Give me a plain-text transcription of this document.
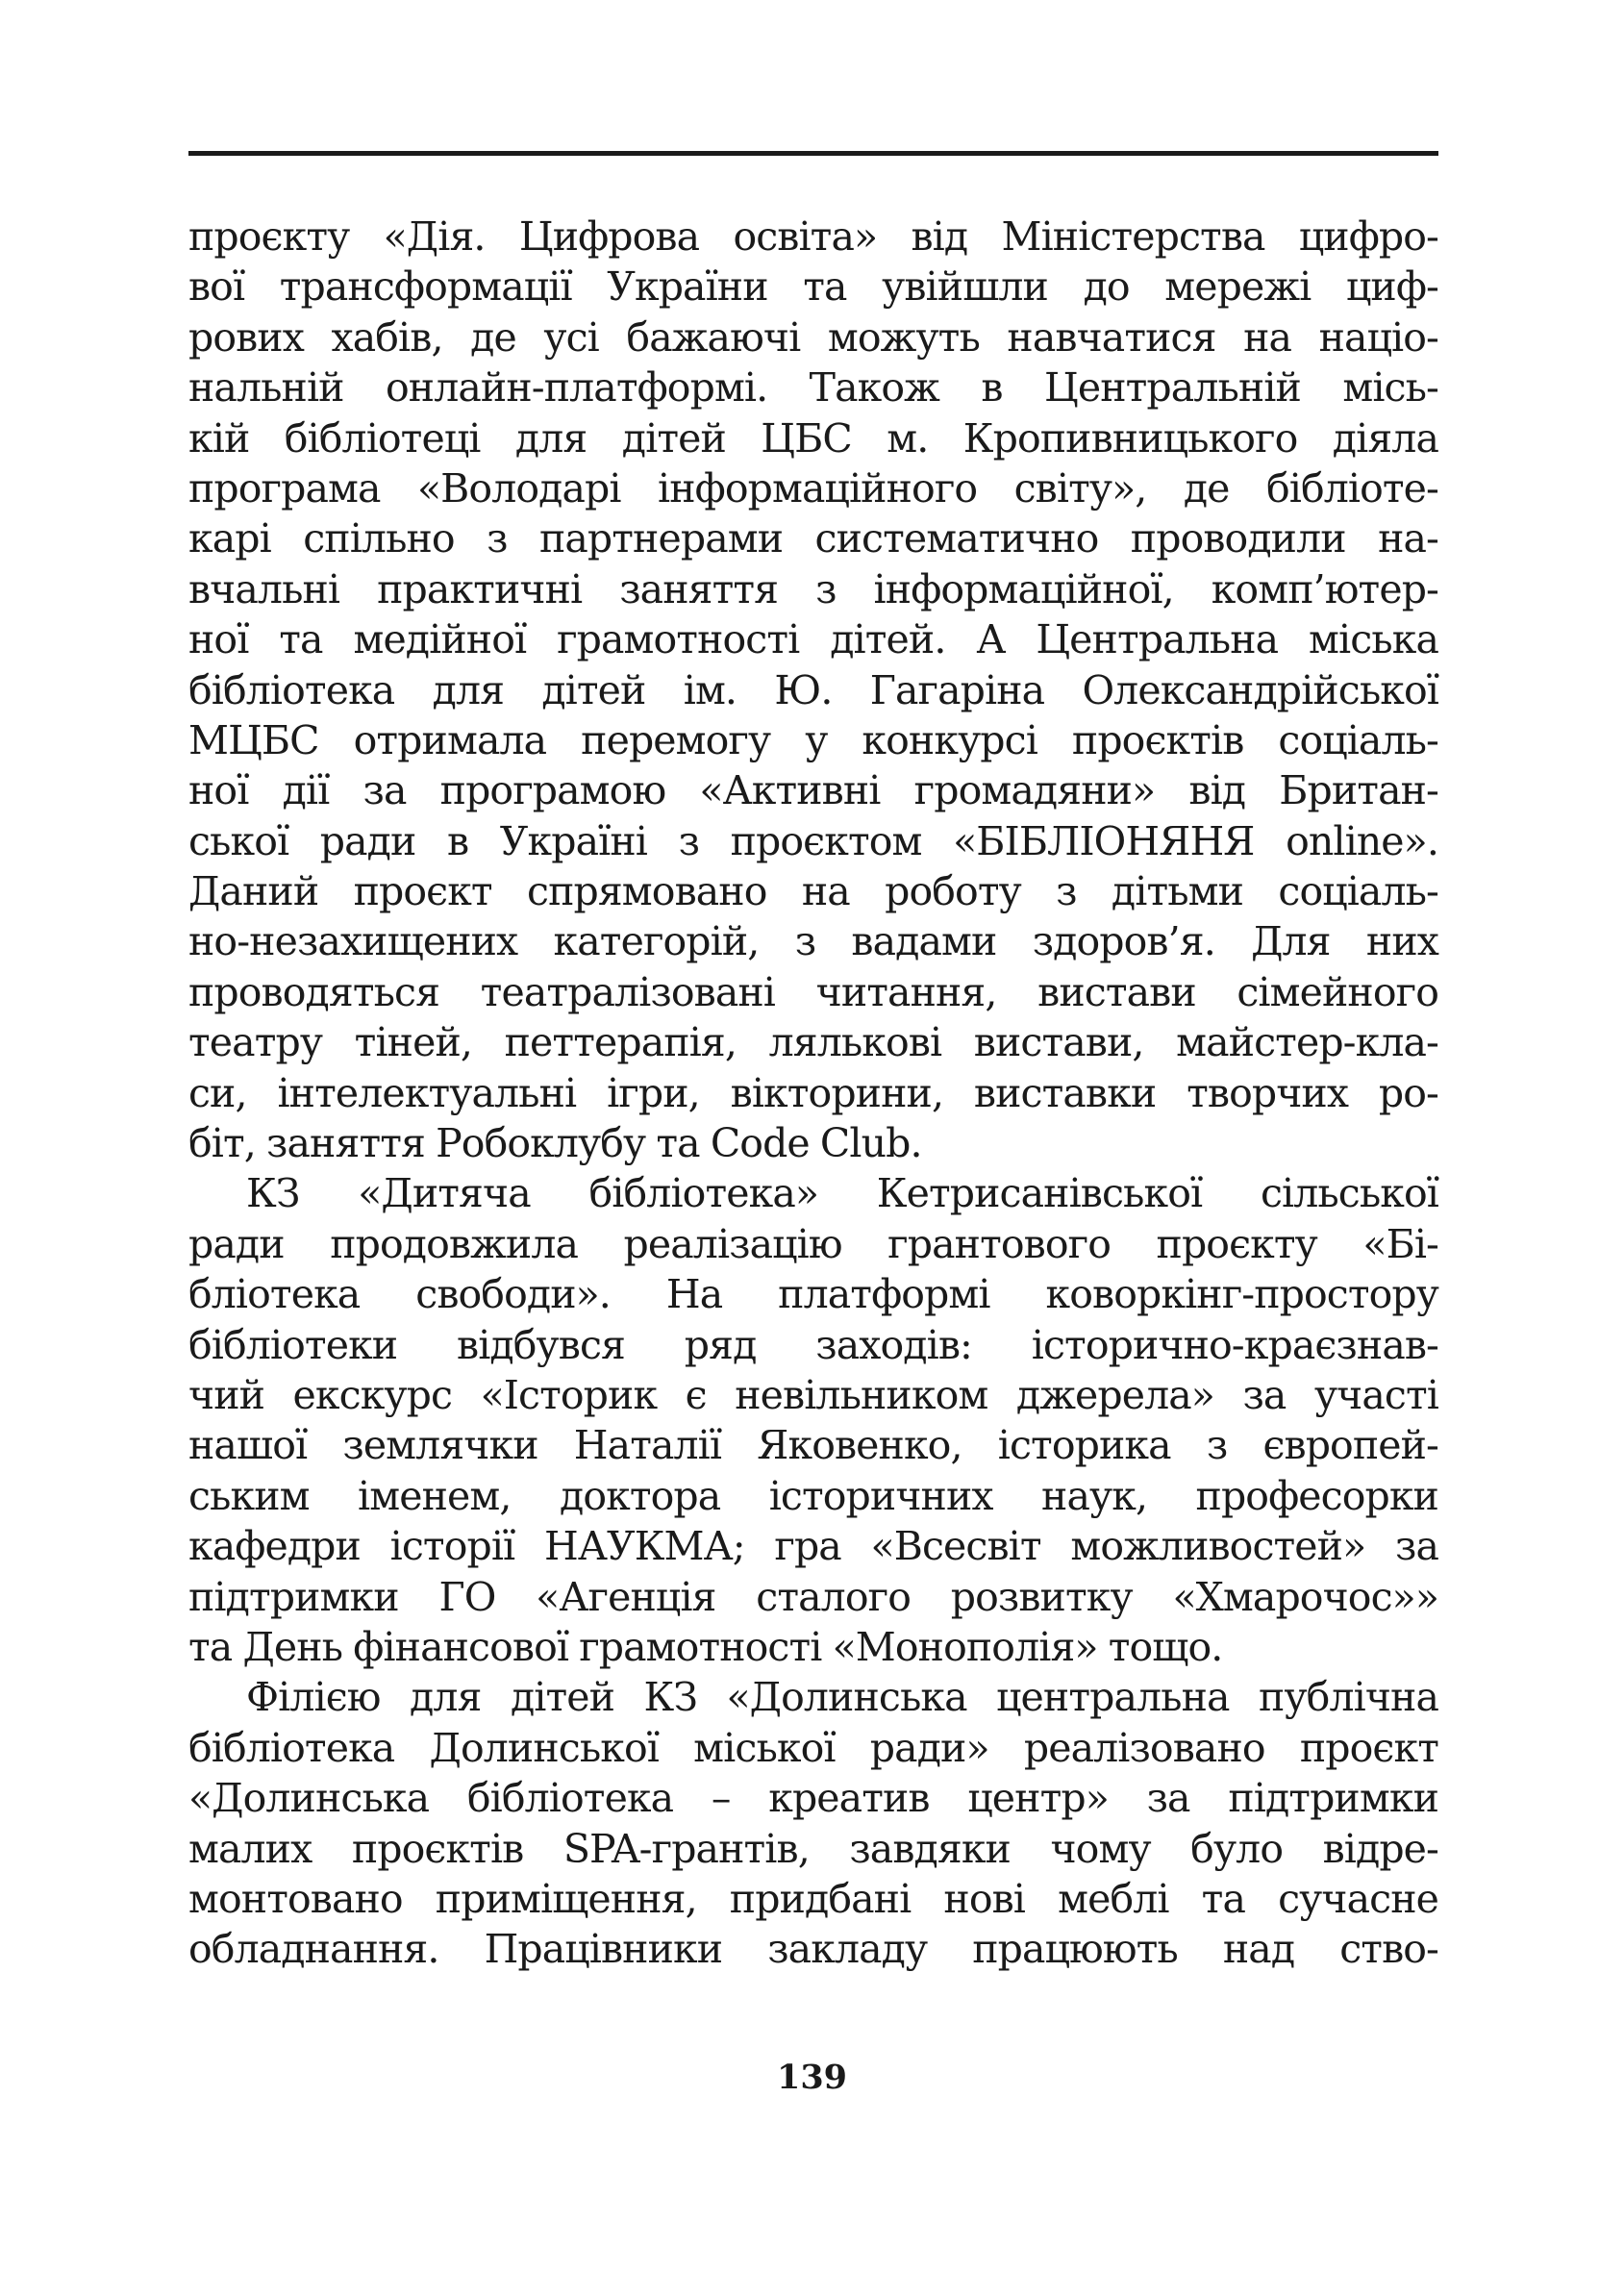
проєкту «Дія. Цифрова освіта» від Міністерства цифро-
вої трансформації України та увійшли до мережі циф-
рових хабів, де усі бажаючі можуть навчатися на націо-
нальній онлайн-платформі. Також в Центральній місь-
кій бібліотеці для дітей ЦБС м. Кропивницького діяла
програма «Володарі інформаційного світу», де бібліоте-
карі спільно з партнерами систематично проводили на-
вчальні практичні заняття з інформаційної, комп’ютер-
ної та медійної грамотності дітей. А Центральна міська
бібліотека для дітей ім. Ю. Гагаріна Олександрійської
МЦБС отримала перемогу у конкурсі проєктів соціаль-
ної дії за програмою «Активні громадяни» від Британ-
ської ради в Україні з проєктом «БІБЛІОНЯНЯ online».
Даний проєкт спрямовано на роботу з дітьми соціаль-
но-незахищених категорій, з вадами здоров’я. Для них
проводяться театралізовані читання, вистави сімейного
театру тіней, петтерапія, лялькові вистави, майстер-кла-
си, інтелектуальні ігри, вікторини, виставки творчих ро-
біт, заняття Робоклубу та Code Club.

КЗ «Дитяча бібліотека» Кетрисанівської сільської
ради продовжила реалізацію грантового проєкту «Бі-
бліотека свободи». На платформі коворкінг-простору
бібліотеки відбувся ряд заходів: історично-краєзнав-
чий екскурс «Історик є невільником джерела» за участі
нашої землячки Наталії Яковенко, історика з європей-
ським іменем, доктора історичних наук, професорки
кафедри історії НАУКМА; гра «Всесвіт можливостей» за
підтримки ГО «Агенція сталого розвитку «Хмарочос»»
та День фінансової грамотності «Монополія» тощо.

Філією для дітей КЗ «Долинська центральна публічна
бібліотека Долинської міської ради» реалізовано проєкт
«Долинська бібліотека – креатив центр» за підтримки
малих проєктів SPA-грантів, завдяки чому було відре-
монтовано приміщення, придбані нові меблі та сучасне
обладнання. Працівники закладу працюють над ство-

139
